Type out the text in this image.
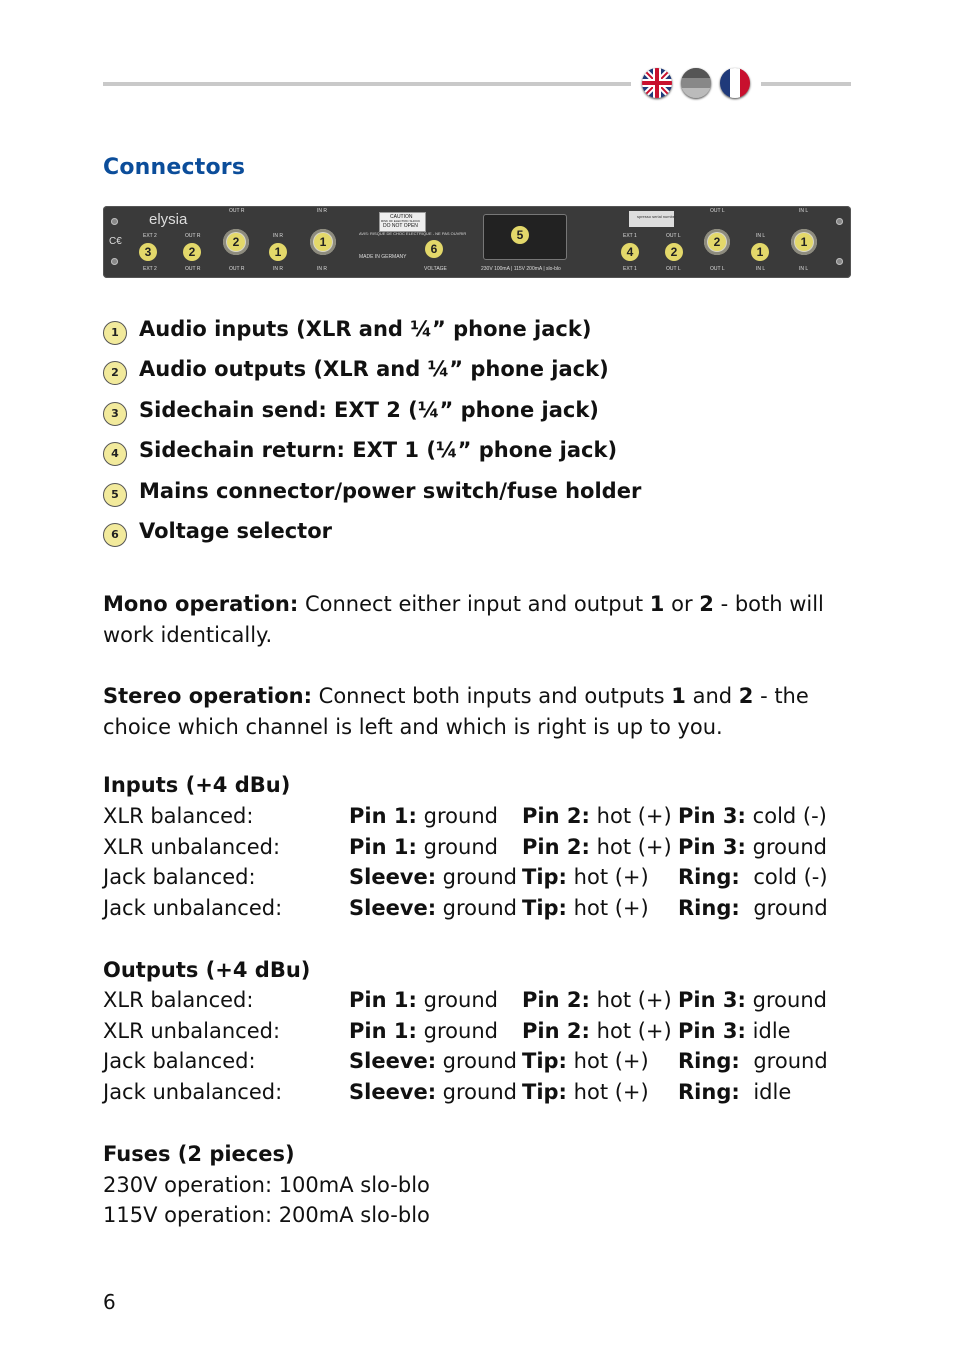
Connectors
C€
elysia
EXT 2
EXT 2
3
OUT R
OUT R
2
OUT R
OUT R
2	IN R
IN R
1
IN R
IN R
1
CAUTION
RISK OF ELECTRIC SHOCK
DO NOT OPEN
AVIS: RISQUE DE CHOC ELECTRIQUE - NE PAS OUVRIR
MADE IN GERMANY
VOLTAGE
6
5
230V 100mA | 115V 200mA | slo-blo
spresso serial number
EXT 1
EXT 1
4
OUT L
OUT L
2
OUT L
OUT L
2	IN L
IN L
1
IN L
IN L
1
1 Audio inputs (XLR and ¼” phone jack)
2 Audio outputs (XLR and ¼” phone jack)
3 Sidechain send: EXT 2 (¼” phone jack)
4 Sidechain return: EXT 1 (¼” phone jack)
5 Mains connector/power switch/fuse holder
6 Voltage selector
Mono operation: Connect either input and output 1 or 2 - both will work identically.
Stereo operation: Connect both inputs and outputs 1 and 2 - the choice which channel is left and which is right is up to you.
Inputs (+4 dBu)
XLR balanced:	Pin 1: ground Pin 2: hot (+) Pin 3: cold (-)
XLR unbalanced:	Pin 1: ground Pin 2: hot (+) Pin 3: ground
Jack balanced:	Sleeve: ground Tip: hot (+) Ring: cold (-)
Jack unbalanced:	Sleeve: ground Tip: hot (+) Ring: ground
Outputs (+4 dBu)
XLR balanced:	Pin 1: ground Pin 2: hot (+) Pin 3: ground
XLR unbalanced:	Pin 1: ground Pin 2: hot (+) Pin 3: idle
Jack balanced:	Sleeve: ground Tip: hot (+) Ring: ground
Jack unbalanced:	Sleeve: ground Tip: hot (+) Ring: idle
Fuses (2 pieces)
230V operation: 100mA slo-blo
115V operation: 200mA slo-blo
6
